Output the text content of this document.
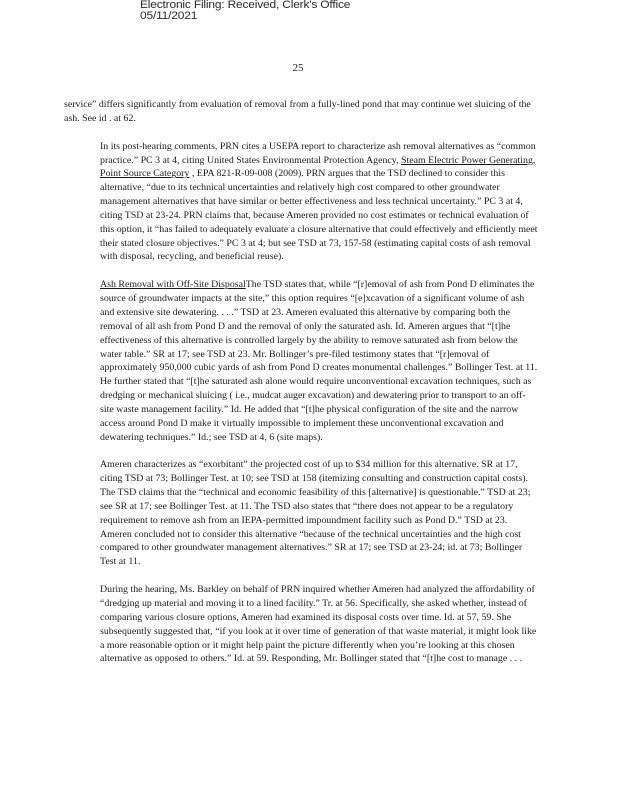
Electronic Filing: Received, Clerk's Office 05/11/2021
25

service” differs significantly from evaluation of removal from a fully-lined pond that may continue wet sluicing of the ash. See id . at 62.

In its post-hearing comments, PRN cites a USEPA report to characterize ash removal alternatives as “common practice.” PC 3 at 4, citing United States Environmental Protection Agency, Steam Electric Power Generating, Point Source Category , EPA 821-R-09-008 (2009). PRN argues that the TSD declined to consider this alternative, “due to its technical uncertainties and relatively high cost compared to other groundwater management alternatives that have similar or better effectiveness and less technical uncertainty.” PC 3 at 4, citing TSD at 23-24. PRN claims that, because Ameren provided no cost estimates or technical evaluation of this option, it “has failed to adequately evaluate a closure alternative that could effectively and efficiently meet their stated closure objectives.” PC 3 at 4; but see TSD at 73, 157-58 (estimating capital costs of ash removal with disposal, recycling, and beneficial reuse).

Ash Removal with Off-Site DisposalThe TSD states that, while “[r]emoval of ash from Pond D eliminates the source of groundwater impacts at the site,” this option requires “[e]xcavation of a significant volume of ash and extensive site dewatering. . . .” TSD at 23. Ameren evaluated this alternative by comparing both the removal of all ash from Pond D and the removal of only the saturated ash. Id. Ameren argues that “[t]he effectiveness of this alternative is controlled largely by the ability to remove saturated ash from below the water table.” SR at 17; see TSD at 23. Mr. Bollinger’s pre-filed testimony states that “[r]emoval of approximately 950,000 cubic yards of ash from Pond D creates monumental challenges.” Bollinger Test. at 11. He further stated that “[t]he saturated ash alone would require unconventional excavation techniques, such as dredging or mechanical sluicing ( i.e., mudcat auger excavation) and dewatering prior to transport to an off-site waste management facility.” Id. He added that “[t]he physical configuration of the site and the narrow access around Pond D make it virtually impossible to implement these unconventional excavation and dewatering techniques.” Id.; see TSD at 4, 6 (site maps).

Ameren characterizes as “exorbitant” the projected cost of up to $34 million for this alternative. SR at 17, citing TSD at 73; Bollinger Test. at 10; see TSD at 158 (itemizing consulting and construction capital costs). The TSD claims that the “technical and economic feasibility of this [alternative] is questionable.” TSD at 23; see SR at 17; see Bollinger Test. at 11. The TSD also states that “there does not appear to be a regulatory requirement to remove ash from an IEPA-permitted impoundment facility such as Pond D.” TSD at 23. Ameren concluded not to consider this alternative “because of the technical uncertainties and the high cost compared to other groundwater management alternatives.” SR at 17; see TSD at 23-24; id. at 73; Bollinger Test at 11.

During the hearing, Ms. Barkley on behalf of PRN inquired whether Ameren had analyzed the affordability of “dredging up material and moving it to a lined facility.” Tr. at 56. Specifically, she asked whether, instead of comparing various closure options, Ameren had examined its disposal costs over time. Id. at 57, 59. She subsequently suggested that, “if you look at it over time of generation of that waste material, it might look like a more reasonable option or it might help paint the picture differently when you’re looking at this chosen alternative as opposed to others.” Id. at 59. Responding, Mr. Bollinger stated that “[t]he cost to manage . . .
